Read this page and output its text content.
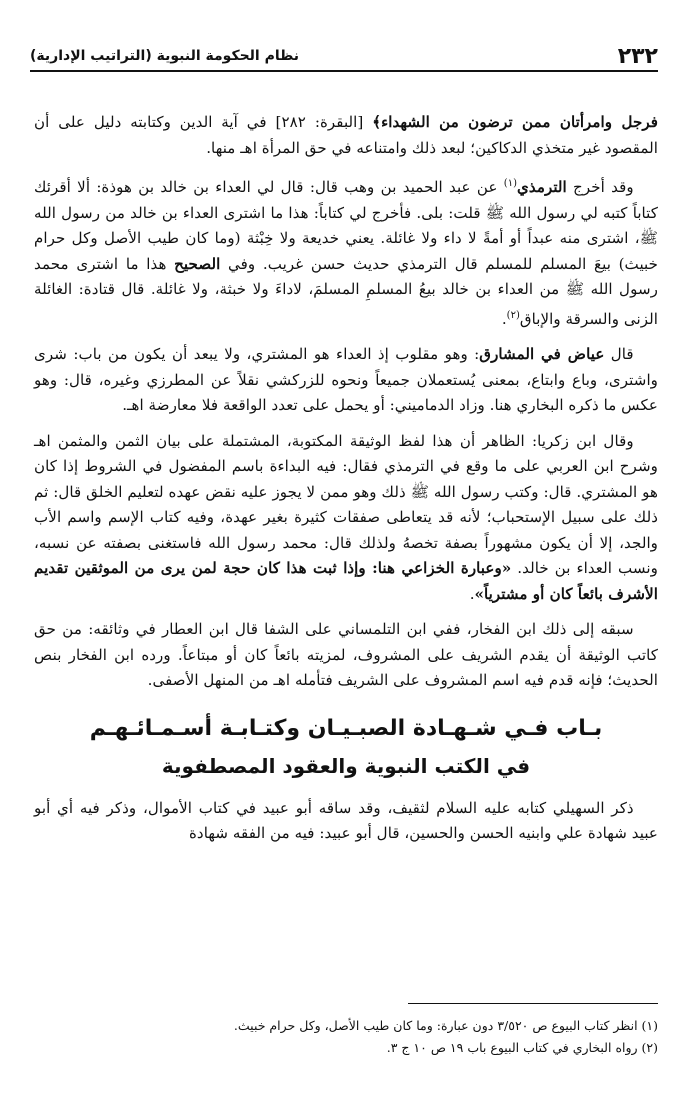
٢٣٢
نظام الحكومة النبوية (التراتيب الإدارية)

فرجل وامرأتان ممن ترضون من الشهداء﴾ [البقرة: ٢٨٢] في آية الدين وكتابته دليل على أن المقصود غير متخذي الدكاكين؛ لبعد ذلك وامتناعه في حق المرأة اهـ منها.

وقد أخرج الترمذي$^{(١)}$ عن عبد الحميد بن وهب قال: قال لي العداء بن خالد بن هوذة: ألا أقرئك كتاباً كتبه لي رسول الله ﷺ قلت: بلى. فأخرج لي كتاباً: هذا ما اشترى العداء بن خالد من رسول الله ﷺ، اشترى منه عبداً أو أمةً لا داء ولا غائلة. يعني خديعة ولا خِبْثة (وما كان طيب الأصل وكل حرام خبيث) بيعَ المسلم للمسلم قال الترمذي حديث حسن غريب. وفي الصحيح هذا ما اشترى محمد رسول الله ﷺ من العداء بن خالد بيعُ المسلمِ المسلمَ، لاداءَ ولا خبثة، ولا غائلة. قال قتادة: الغائلة الزنى والسرقة والإباق$^{(٢)}$.

قال عياض في المشارق: وهو مقلوب إذ العداء هو المشتري، ولا يبعد أن يكون من باب: شرى واشترى، وباع وابتاع، بمعنى يُستعملان جميعاً ونحوه للزركشي نقلاً عن المطرزي وغيره، قال: وهو عكس ما ذكره البخاري هنا. وزاد الدماميني: أو يحمل على تعدد الواقعة فلا معارضة اهـ.

وقال ابن زكريا: الظاهر أن هذا لفظ الوثيقة المكتوبة، المشتملة على بيان الثمن والمثمن اهـ وشرح ابن العربي على ما وقع في الترمذي فقال: فيه البداءة باسم المفضول في الشروط إذا كان هو المشتري. قال: وكتب رسول الله ﷺ ذلك وهو ممن لا يجوز عليه نقض عهده لتعليم الخلق قال: ثم ذلك على سبيل الإستحباب؛ لأنه قد يتعاطى صفقات كثيرة بغير عهدة، وفيه كتاب الإسم واسم الأب والجد، إلا أن يكون مشهوراً بصفة تخصهُ ولذلك قال: محمد رسول الله فاستغنى بصفته عن نسبه، ونسب العداء بن خالد. «وعبارة الخزاعي هنا: وإذا ثبت هذا كان حجة لمن يرى من الموثقين تقديم الأشرف بائعاً كان أو مشترياً».

سبقه إلى ذلك ابن الفخار، ففي ابن التلمساني على الشفا قال ابن العطار في وثائقه: من حق كاتب الوثيقة أن يقدم الشريف على المشروف، لمزيته بائعاً كان أو مبتاعاً. ورده ابن الفخار بنص الحديث؛ فإنه قدم فيه اسم المشروف على الشريف فتأمله اهـ من المنهل الأصفى.

بـاب فـي شـهـادة الصبـيـان وكتـابـة أسـمـائـهـم
في الكتب النبوية والعقود المصطفوية

ذكر السهيلي كتابه عليه السلام لثقيف، وقد ساقه أبو عبيد في كتاب الأموال، وذكر فيه أي أبو عبيد شهادة علي وابنيه الحسن والحسين، قال أبو عبيد: فيه من الفقه شهادة

(١) انظر كتاب البيوع ص ٣/٥٢٠ دون عبارة: وما كان طيب الأصل، وكل حرام خبيث.
(٢) رواه البخاري في كتاب البيوع باب ١٩ ص ١٠ ج ٣.
